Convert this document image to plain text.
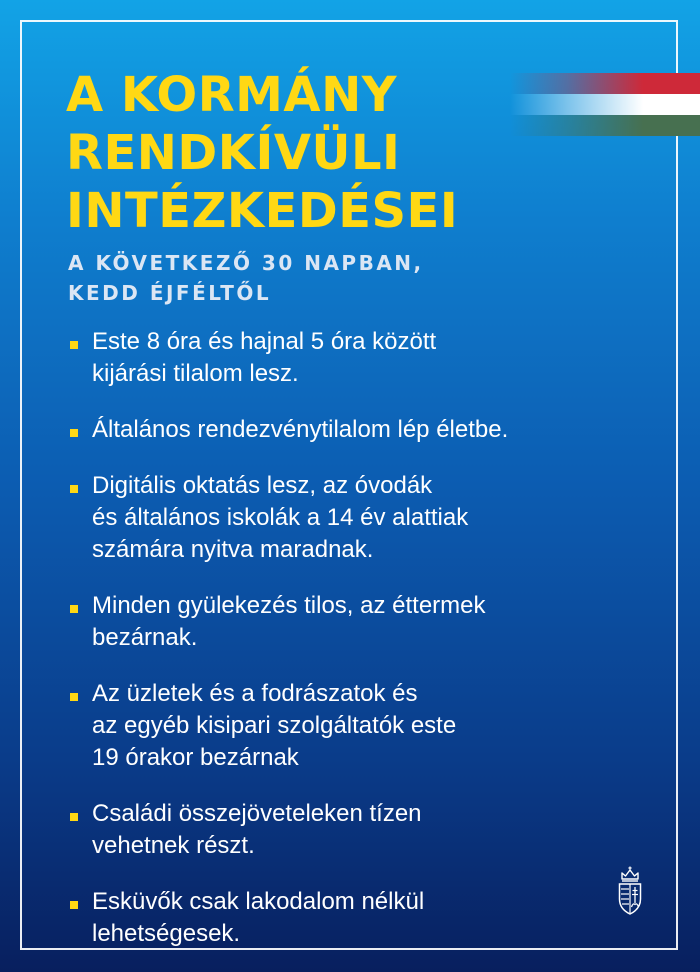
A KORMÁNY
RENDKÍVÜLI
INTÉZKEDÉSEI
A KÖVETKEZŐ 30 NAPBAN,
KEDD ÉJFÉLTŐL
Este 8 óra és hajnal 5 óra között
kijárási tilalom lesz.
Általános rendezvénytilalom lép életbe.
Digitális oktatás lesz, az óvodák
és általános iskolák a 14 év alattiak
számára nyitva maradnak.
Minden gyülekezés tilos, az éttermek
bezárnak.
Az üzletek és a fodrászatok és
az egyéb kisipari szolgáltatók este
19 órakor bezárnak
Családi összejöveteleken tízen
vehetnek részt.
Esküvők csak lakodalom nélkül
lehetségesek.
